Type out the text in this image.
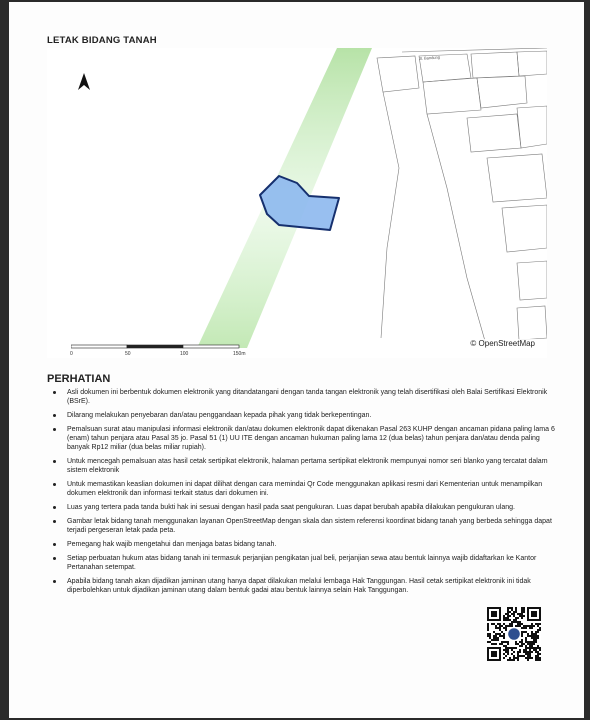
LETAK BIDANG TANAH
Jl. Bandung
© OpenStreetMap
0	50	100	150m
PERHATIAN
Asli dokumen ini berbentuk dokumen elektronik yang ditandatangani dengan tanda tangan elektronik yang telah disertifikasi oleh Balai Sertifikasi Elektronik (BSrE).
Dilarang melakukan penyebaran dan/atau penggandaan kepada pihak yang tidak berkepentingan.
Pemalsuan surat atau manipulasi informasi elektronik dan/atau dokumen elektronik dapat dikenakan Pasal 263 KUHP dengan ancaman pidana paling lama 6 (enam) tahun penjara atau Pasal 35 jo. Pasal 51 (1) UU ITE dengan ancaman hukuman paling lama 12 (dua belas) tahun penjara dan/atau denda paling banyak Rp12 miliar (dua belas miliar rupiah).
Untuk mencegah pemalsuan atas hasil cetak sertipikat elektronik, halaman pertama sertipikat elektronik mempunyai nomor seri blanko yang tercatat dalam sistem elektronik
Untuk memastikan keaslian dokumen ini dapat dilihat dengan cara memindai Qr Code menggunakan aplikasi resmi dari Kementerian untuk menampilkan dokumen elektronik dan informasi terkait status dari dokumen ini.
Luas yang tertera pada tanda bukti hak ini sesuai dengan hasil pada saat pengukuran. Luas dapat berubah apabila dilakukan pengukuran ulang.
Gambar letak bidang tanah menggunakan layanan OpenStreetMap dengan skala dan sistem referensi koordinat bidang tanah yang berbeda sehingga dapat terjadi pergeseran letak pada peta.
Pemegang hak wajib mengetahui dan menjaga batas bidang tanah.
Setiap perbuatan hukum atas bidang tanah ini termasuk perjanjian pengikatan jual beli, perjanjian sewa atau bentuk lainnya wajib didaftarkan ke Kantor Pertanahan setempat.
Apabila bidang tanah akan dijadikan jaminan utang hanya dapat dilakukan melalui lembaga Hak Tanggungan. Hasil cetak sertipikat elektronik ini tidak diperbolehkan untuk dijadikan jaminan utang dalam bentuk gadai atau bentuk lainnya selain Hak Tanggungan.
